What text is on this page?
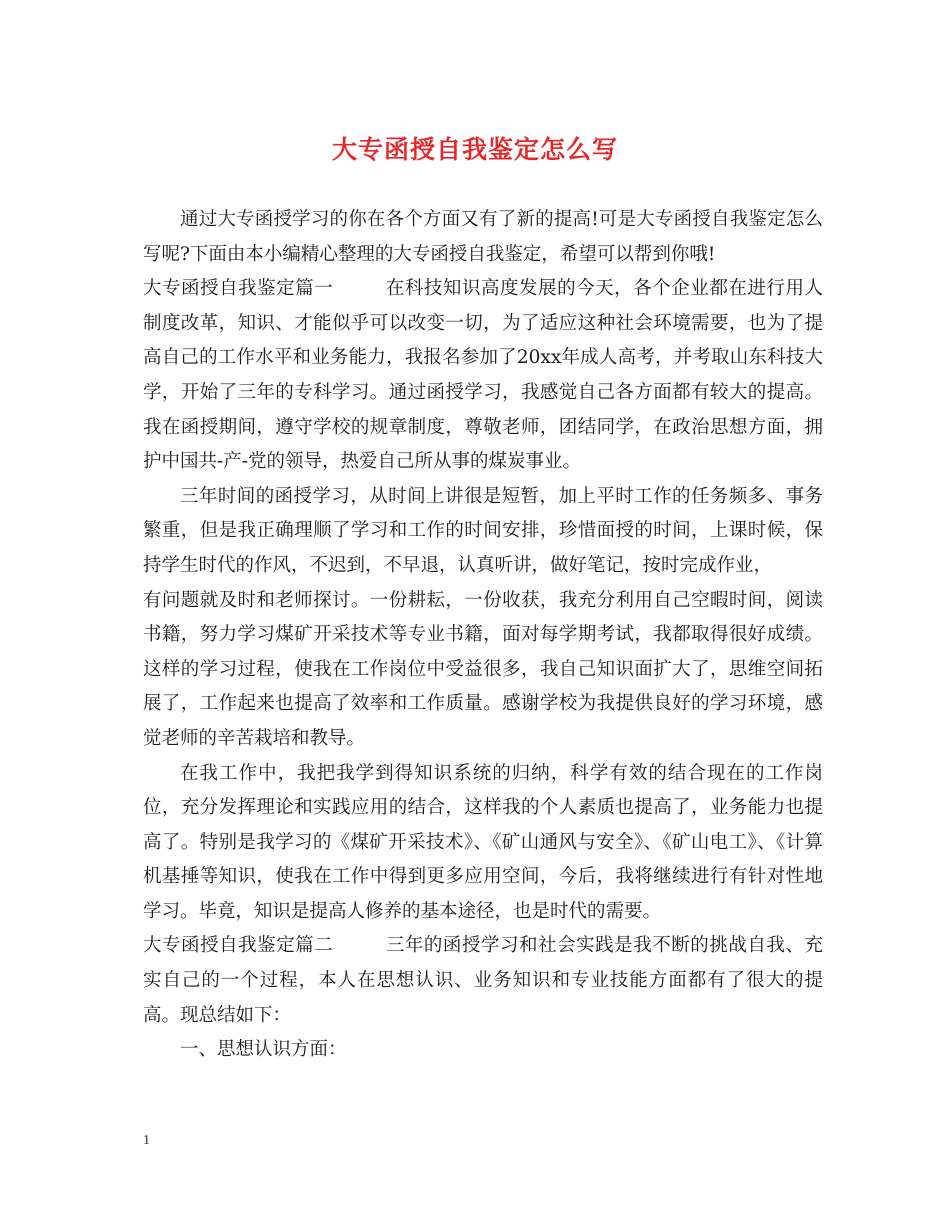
大专函授自我鉴定怎么写

通过大专函授学习的你在各个方面又有了新的提高!可是大专函授自我鉴定怎么写呢?下面由本小编精心整理的大专函授自我鉴定，希望可以帮到你哦!

大专函授自我鉴定篇一	在科技知识高度发展的今天，各个企业都在进行用人制度改革，知识、才能似乎可以改变一切，为了适应这种社会环境需要，也为了提高自己的工作水平和业务能力，我报名参加了20xx年成人高考，并考取山东科技大学，开始了三年的专科学习。通过函授学习，我感觉自己各方面都有较大的提高。我在函授期间，遵守学校的规章制度，尊敬老师，团结同学，在政治思想方面，拥护中国共-产-党的领导，热爱自己所从事的煤炭事业。

三年时间的函授学习，从时间上讲很是短暂，加上平时工作的任务频多、事务繁重，但是我正确理顺了学习和工作的时间安排，珍惜面授的时间，上课时候，保持学生时代的作风，不迟到，不早退，认真听讲，做好笔记，按时完成作业，

有问题就及时和老师探讨。一份耕耘，一份收获，我充分利用自己空暇时间，阅读书籍，努力学习煤矿开采技术等专业书籍，面对每学期考试，我都取得很好成绩。这样的学习过程，使我在工作岗位中受益很多，我自己知识面扩大了，思维空间拓展了，工作起来也提高了效率和工作质量。感谢学校为我提供良好的学习环境，感觉老师的辛苦栽培和教导。

在我工作中，我把我学到得知识系统的归纳，科学有效的结合现在的工作岗位，充分发挥理论和实践应用的结合，这样我的个人素质也提高了，业务能力也提高了。特别是我学习的《煤矿开采技术》、《矿山通风与安全》、《矿山电工》、《计算机基捶等知识，使我在工作中得到更多应用空间，今后，我将继续进行有针对性地学习。毕竟，知识是提高人修养的基本途径，也是时代的需要。

大专函授自我鉴定篇二	三年的函授学习和社会实践是我不断的挑战自我、充实自己的一个过程，本人在思想认识、业务知识和专业技能方面都有了很大的提高。现总结如下：

一、思想认识方面：

1
